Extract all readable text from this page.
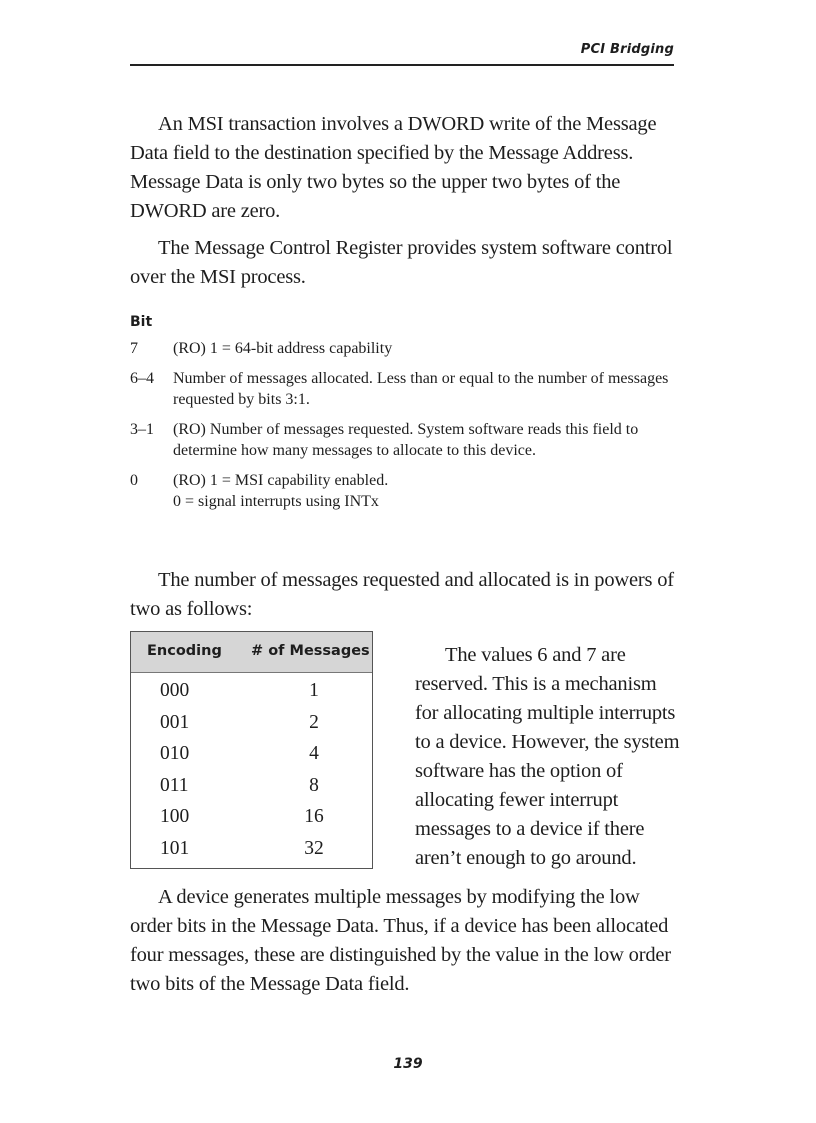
PCI Bridging

An MSI transaction involves a DWORD write of the Message Data field to the destination specified by the Message Address. Message Data is only two bytes so the upper two bytes of the DWORD are zero.

The Message Control Register provides system software control over the MSI process.

Bit
7 (RO) 1 = 64-bit address capability
6–4 Number of messages allocated. Less than or equal to the number of messages requested by bits 3:1.
3–1 (RO) Number of messages requested. System software reads this field to determine how many messages to allocate to this device.
0 (RO) 1 = MSI capability enabled.
0 = signal interrupts using INTx

The number of messages requested and allocated is in powers of two as follows:

Encoding # of Messages
000	1
001	2
010	4
011	8
100	16
101	32

The values 6 and 7 are reserved. This is a mechanism for allocating multiple interrupts to a device. However, the system software has the option of allocating fewer interrupt messages to a device if there aren’t enough to go around.

A device generates multiple messages by modifying the low order bits in the Message Data. Thus, if a device has been allocated four messages, these are distinguished by the value in the low order two bits of the Message Data field.

139
